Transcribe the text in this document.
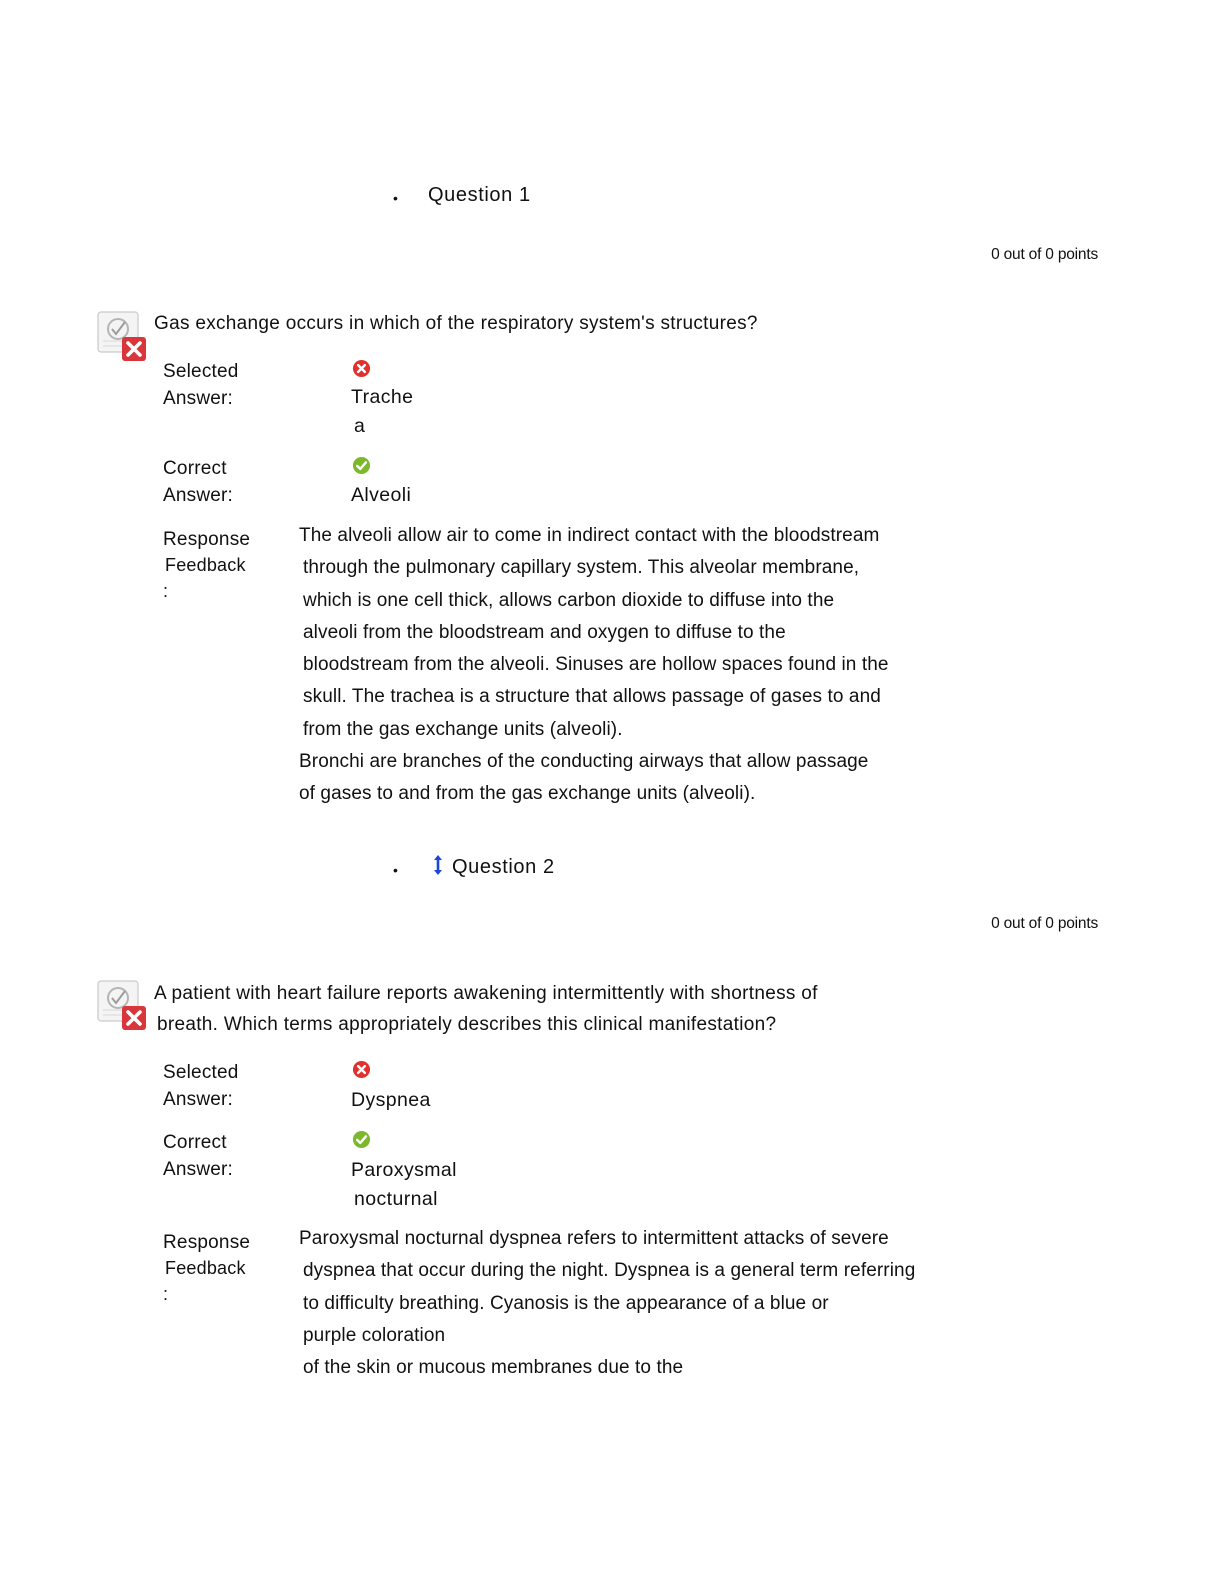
• Question 1
0 out of 0 points
Gas exchange occurs in which of the respiratory system's structures?
Selected
Answer:	Trache
a
Correct
Answer:	Alveoli
Response
Feedback
:

The alveoli allow air to come in indirect contact with the bloodstream

through the pulmonary capillary system. This alveolar membrane,

which is one cell thick, allows carbon dioxide to diffuse into the

alveoli from the bloodstream and oxygen to diffuse to the

bloodstream from the alveoli. Sinuses are hollow spaces found in the

skull. The trachea is a structure that allows passage of gases to and

from the gas exchange units (alveoli).

Bronchi are branches of the conducting airways that allow passage

of gases to and from the gas exchange units (alveoli).

•	Question 2
0 out of 0 points
A patient with heart failure reports awakening intermittently with shortness of
breath. Which terms appropriately describes this clinical manifestation?
Selected
Answer:	Dyspnea
Correct
Answer:	Paroxysmal
nocturnal
Response
Feedback
:

Paroxysmal nocturnal dyspnea refers to intermittent attacks of severe

dyspnea that occur during the night. Dyspnea is a general term referring

to difficulty breathing. Cyanosis is the appearance of a blue or

purple coloration

of the skin or mucous membranes due to the
